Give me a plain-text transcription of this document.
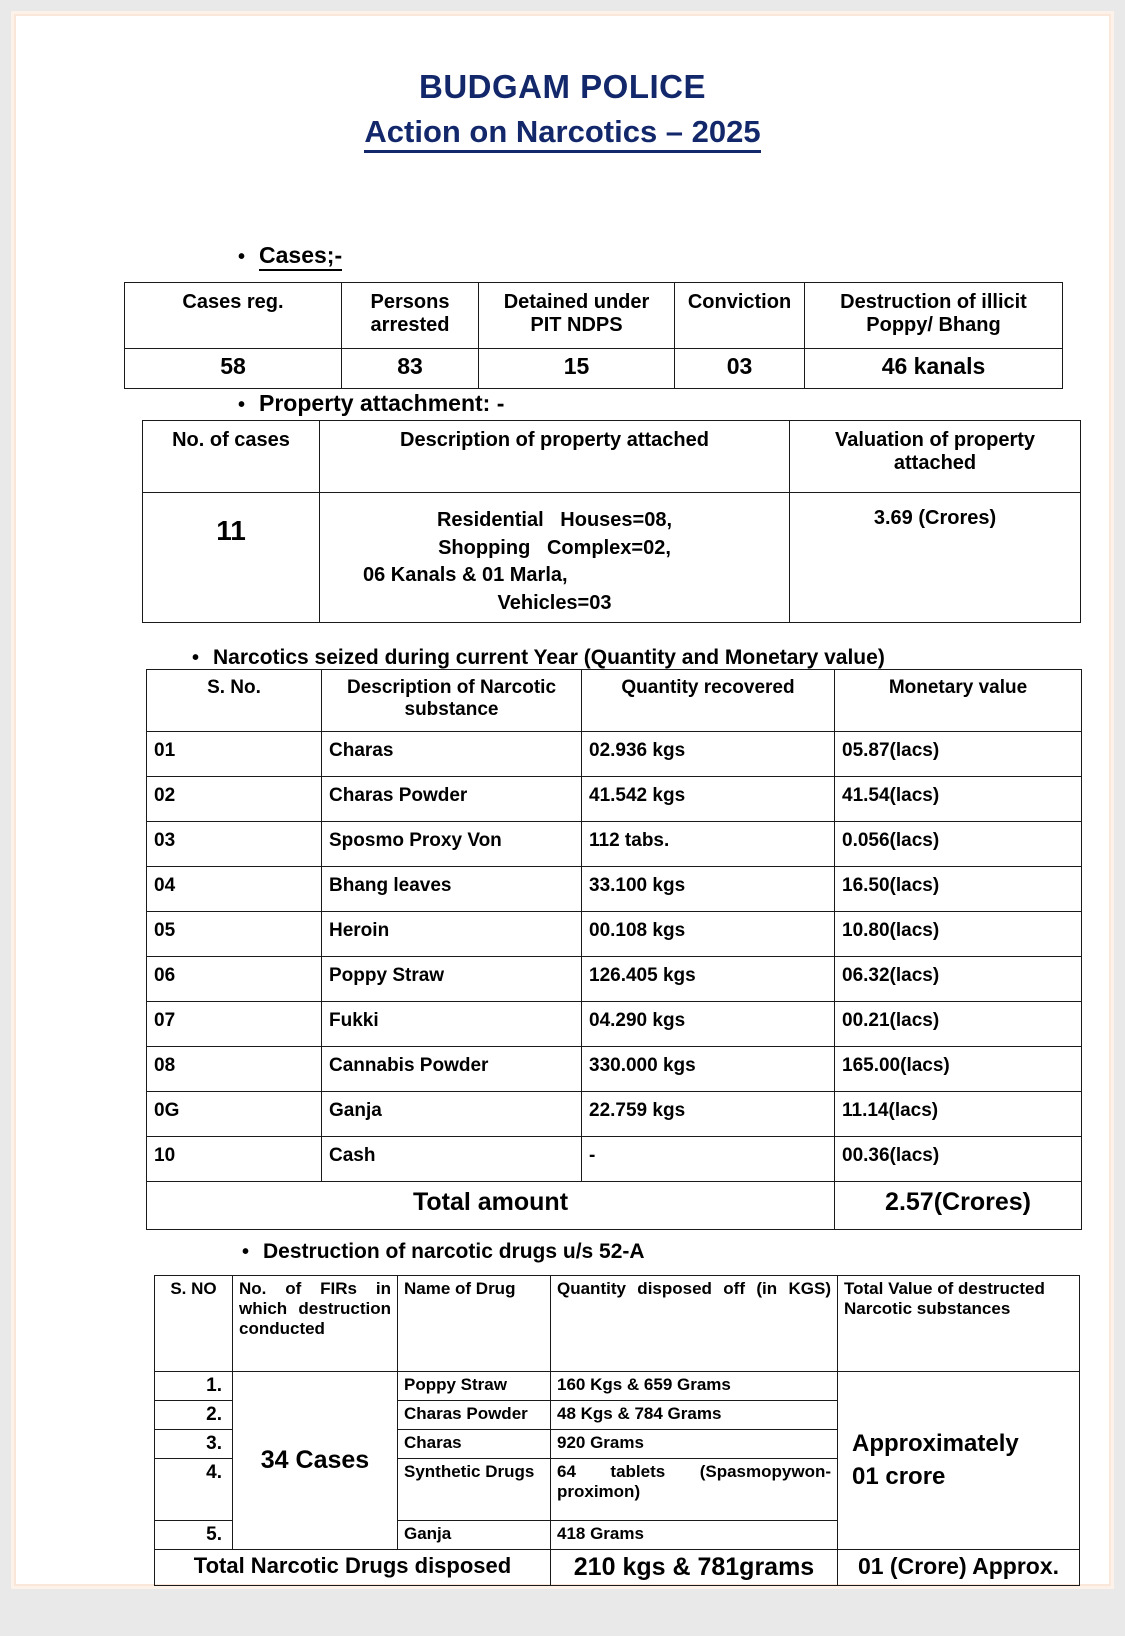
BUDGAM POLICE
Action on Narcotics – 2025
• Cases;-
Cases reg.	Persons arrested	Detained under PIT NDPS	Conviction	Destruction of illicit Poppy/ Bhang
58	83	15	03	46 kanals
• Property attachment: -
No. of cases	Description of property attached	Valuation of property attached
11	Residential   Houses=08,
Shopping   Complex=02,
06 Kanals & 01 Marla,
Vehicles=03	3.69 (Crores)
• Narcotics seized during current Year (Quantity and Monetary value)
S. No.	Description of Narcotic substance	Quantity recovered	Monetary value
01	Charas	02.936 kgs	05.87(lacs)
02	Charas Powder	41.542 kgs	41.54(lacs)
03	Sposmo Proxy Von	112 tabs.	0.056(lacs)
04	Bhang leaves	33.100 kgs	16.50(lacs)
05	Heroin	00.108 kgs	10.80(lacs)
06	Poppy Straw	126.405 kgs	06.32(lacs)
07	Fukki	04.290 kgs	00.21(lacs)
08	Cannabis Powder	330.000 kgs	165.00(lacs)
0G	Ganja	22.759 kgs	11.14(lacs)
10	Cash	-	00.36(lacs)
Total amount			2.57(Crores)
• Destruction of narcotic drugs u/s 52-A
S. NO	No. of FIRs in which destruction conducted	Name of Drug	Quantity disposed off (in KGS)	Total Value of destructed Narcotic substances
1.	34 Cases	Poppy Straw	160 Kgs & 659 Grams	Approximately
01 crore

2.		Charas Powder	48 Kgs & 784 Grams	
3.		Charas	920 Grams	
4.		Synthetic Drugs	64 tablets (Spasmopywon-
proximon)	

5.		Ganja	418 Grams	
Total Narcotic Drugs disposed			210 kgs & 781grams	01 (Crore) Approx.
